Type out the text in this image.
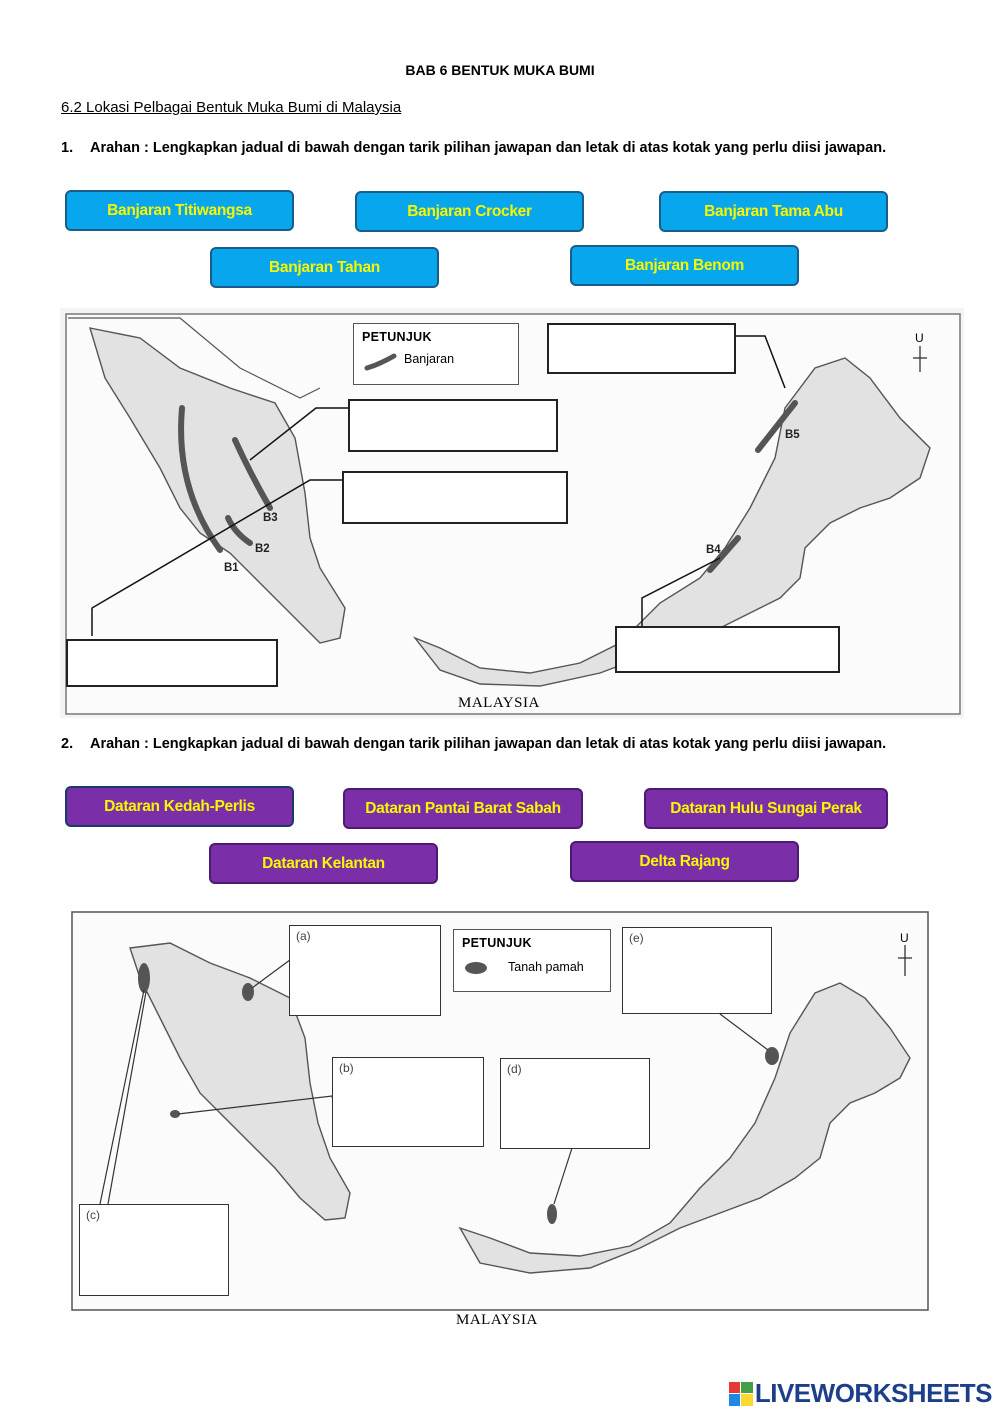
BAB 6 BENTUK MUKA BUMI
6.2 Lokasi Pelbagai Bentuk Muka Bumi di Malaysia
1. Arahan : Lengkapkan jadual di bawah dengan tarik pilihan jawapan dan letak di atas kotak yang perlu diisi jawapan.
Banjaran Titiwangsa	Banjaran Crocker	Banjaran Tama Abu
Banjaran Tahan	Banjaran Benom
U
PETUNJUK
Banjaran
B1
B2
B3
B4
B5
MALAYSIA
2. Arahan : Lengkapkan jadual di bawah dengan tarik pilihan jawapan dan letak di atas kotak yang perlu diisi jawapan.
Dataran Kedah-Perlis	Dataran Pantai Barat Sabah	Dataran Hulu Sungai Perak
Dataran Kelantan	Delta Rajang
U
(a)
(b)
(c)
(d)
(e)
PETUNJUK
Tanah pamah
MALAYSIA
LIVEWORKSHEETS
